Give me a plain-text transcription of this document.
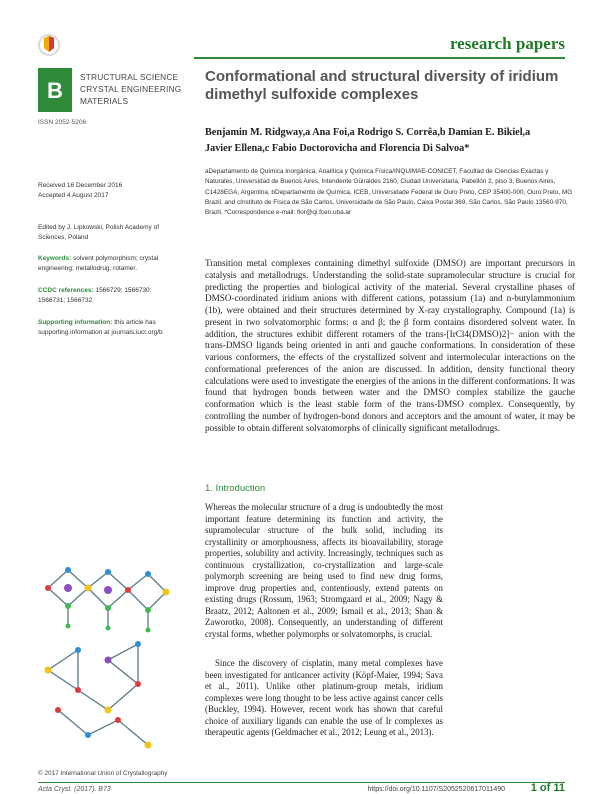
research papers
B
STRUCTURAL SCIENCE
CRYSTAL ENGINEERING
MATERIALS
ISSN 2052-5206
Conformational and structural diversity of iridium dimethyl sulfoxide complexes
Benjamin M. Ridgway,a Ana Foi,a Rodrigo S. Corrêa,b Damian E. Bikiel,a
Javier Ellena,c Fabio Doctorovicha and Florencia Di Salvoa*
aDepartamento de Química Inorgánica, Analítica y Química Física/INQUIMAE-CONICET, Facultad de Ciencias Exactas y Naturales, Universidad de Buenos Aires, Intendente Güiraldes 2160, Ciudad Universitaria, Pabellón 2, piso 3, Buenos Aires, C1428EGA, Argentina, bDepartamento de Química, ICEB, Universidade Federal de Ouro Preto, CEP 35400-000, Ouro Preto, MG Brazil, and cInstituto de Física de São Carlos, Universidade de São Paulo, Caixa Postal 369, São Carlos, São Paulo 13560-970, Brazil. *Correspondence e-mail: flor@qi.fcen.uba.ar
Received 16 December 2016
Accepted 4 August 2017
Edited by J. Lipkowski, Polish Academy of Sciences, Poland
Keywords: solvent polymorphism; crystal engineering; metallodrug; rotamer.
CCDC references: 1566729; 1566730; 1566731; 1566732
Supporting information: this article has supporting information at journals.iucr.org/b
Transition metal complexes containing dimethyl sulfoxide (DMSO) are important precursors in catalysis and metallodrugs. Understanding the solid-state supramolecular structure is crucial for predicting the properties and biological activity of the material. Several crystalline phases of DMSO-coordinated iridium anions with different cations, potassium (1a) and n-butylammonium (1b), were obtained and their structures determined by X-ray crystallography. Compound (1a) is present in two solvatomorphic forms: α and β; the β form contains disordered solvent water. In addition, the structures exhibit different rotamers of the trans-[IrCl4(DMSO)2]− anion with the trans-DMSO ligands being oriented in anti and gauche conformations. In consideration of these various conformers, the effects of the crystallized solvent and intermolecular interactions on the conformational preferences of the anion are discussed. In addition, density functional theory calculations were used to investigate the energies of the anions in the different conformations. It was found that hydrogen bonds between water and the DMSO complex stabilize the gauche conformation which is the least stable form of the trans-DMSO complex. Consequently, by controlling the number of hydrogen-bond donors and acceptors and the amount of water, it may be possible to obtain different solvatomorphs of clinically significant metallodrugs.
1. Introduction
Whereas the molecular structure of a drug is undoubtedly the most important feature determining its function and activity, the supramolecular structure of the bulk solid, including its crystallinity or amorphousness, affects its bioavailability, storage properties, solubility and activity. Increasingly, techniques such as continuous crystallization, co-crystallization and large-scale polymorph screening are being used to find new drug forms, improve drug properties and, contentiously, extend patents on existing drugs (Rossum, 1963; Stromgaard et al., 2009; Nagy & Braatz, 2012; Aaltonen et al., 2009; Ismail et al., 2013; Shan & Zaworotko, 2008). Consequently, an understanding of different crystal forms, whether polymorphs or solvatomorphs, is crucial.
Since the discovery of cisplatin, many metal complexes have been investigated for anticancer activity (Köpf-Maier, 1994; Sava et al., 2011). Unlike other platinum-group metals, iridium complexes were long thought to be less active against cancer cells (Buckley, 1994). However, recent work has shown that careful choice of auxiliary ligands can enable the use of Ir complexes as therapeutic agents (Geldmacher et al., 2012; Leung et al., 2013).
© 2017 International Union of Crystallography
Acta Cryst. (2017). B73	https://doi.org/10.1107/S2052520617011490 1 of 11
